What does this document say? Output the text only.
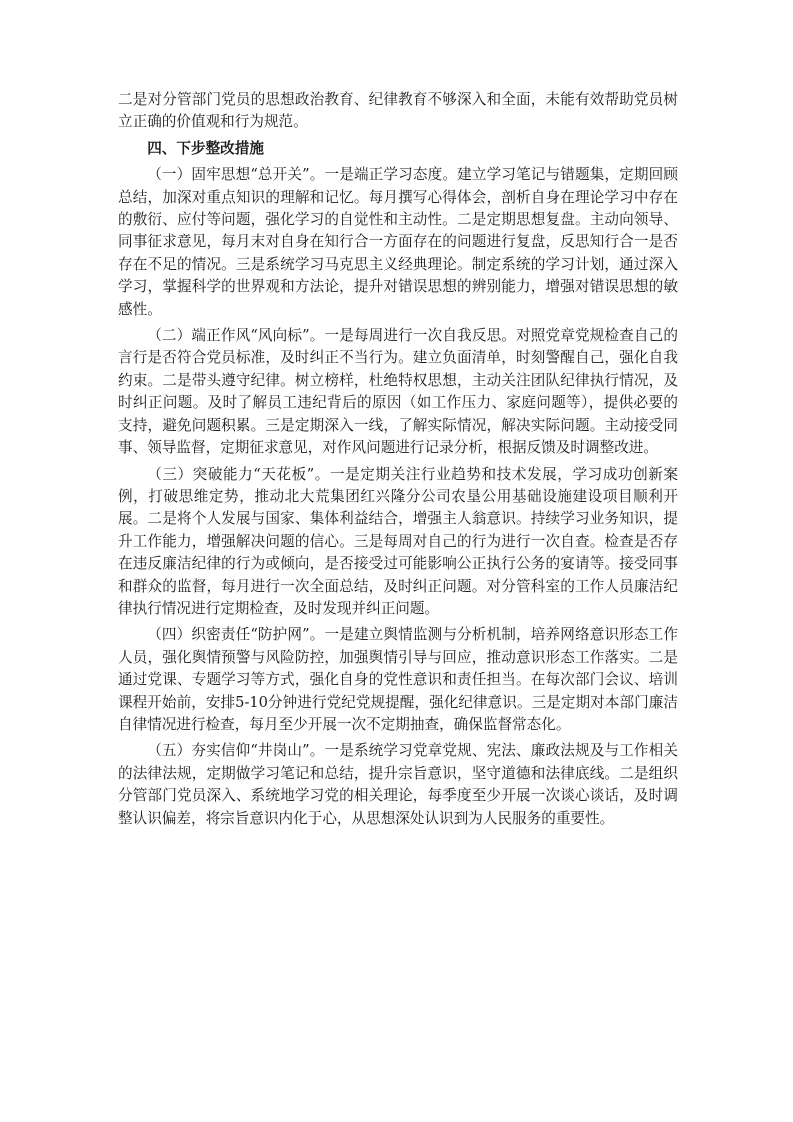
二是对分管部门党员的思想政治教育、纪律教育不够深入和全面，未能有效帮助党员树立正确的价值观和行为规范。

四、下步整改措施

（一）固牢思想“总开关”。一是端正学习态度。建立学习笔记与错题集，定期回顾总结，加深对重点知识的理解和记忆。每月撰写心得体会，剖析自身在理论学习中存在的敷衍、应付等问题，强化学习的自觉性和主动性。二是定期思想复盘。主动向领导、同事征求意见，每月末对自身在知行合一方面存在的问题进行复盘，反思知行合一是否存在不足的情况。三是系统学习马克思主义经典理论。制定系统的学习计划，通过深入学习，掌握科学的世界观和方法论，提升对错误思想的辨别能力，增强对错误思想的敏感性。

（二）端正作风“风向标”。一是每周进行一次自我反思。对照党章党规检查自己的言行是否符合党员标准，及时纠正不当行为。建立负面清单，时刻警醒自己，强化自我约束。二是带头遵守纪律。树立榜样，杜绝特权思想，主动关注团队纪律执行情况，及时纠正问题。及时了解员工违纪背后的原因（如工作压力、家庭问题等），提供必要的支持，避免问题积累。三是定期深入一线，了解实际情况，解决实际问题。主动接受同事、领导监督，定期征求意见，对作风问题进行记录分析，根据反馈及时调整改进。

（三）突破能力“天花板”。一是定期关注行业趋势和技术发展，学习成功创新案例，打破思维定势，推动北大荒集团红兴隆分公司农垦公用基础设施建设项目顺利开展。二是将个人发展与国家、集体利益结合，增强主人翁意识。持续学习业务知识，提升工作能力，增强解决问题的信心。三是每周对自己的行为进行一次自查。检查是否存在违反廉洁纪律的行为或倾向，是否接受过可能影响公正执行公务的宴请等。接受同事和群众的监督，每月进行一次全面总结，及时纠正问题。对分管科室的工作人员廉洁纪律执行情况进行定期检查，及时发现并纠正问题。

（四）织密责任“防护网”。一是建立舆情监测与分析机制，培养网络意识形态工作人员，强化舆情预警与风险防控，加强舆情引导与回应，推动意识形态工作落实。二是通过党课、专题学习等方式，强化自身的党性意识和责任担当。在每次部门会议、培训课程开始前，安排5-10分钟进行党纪党规提醒，强化纪律意识。三是定期对本部门廉洁自律情况进行检查，每月至少开展一次不定期抽查，确保监督常态化。

（五）夯实信仰“井岗山”。一是系统学习党章党规、宪法、廉政法规及与工作相关的法律法规，定期做学习笔记和总结，提升宗旨意识，坚守道德和法律底线。二是组织分管部门党员深入、系统地学习党的相关理论，每季度至少开展一次谈心谈话，及时调整认识偏差，将宗旨意识内化于心，从思想深处认识到为人民服务的重要性。
